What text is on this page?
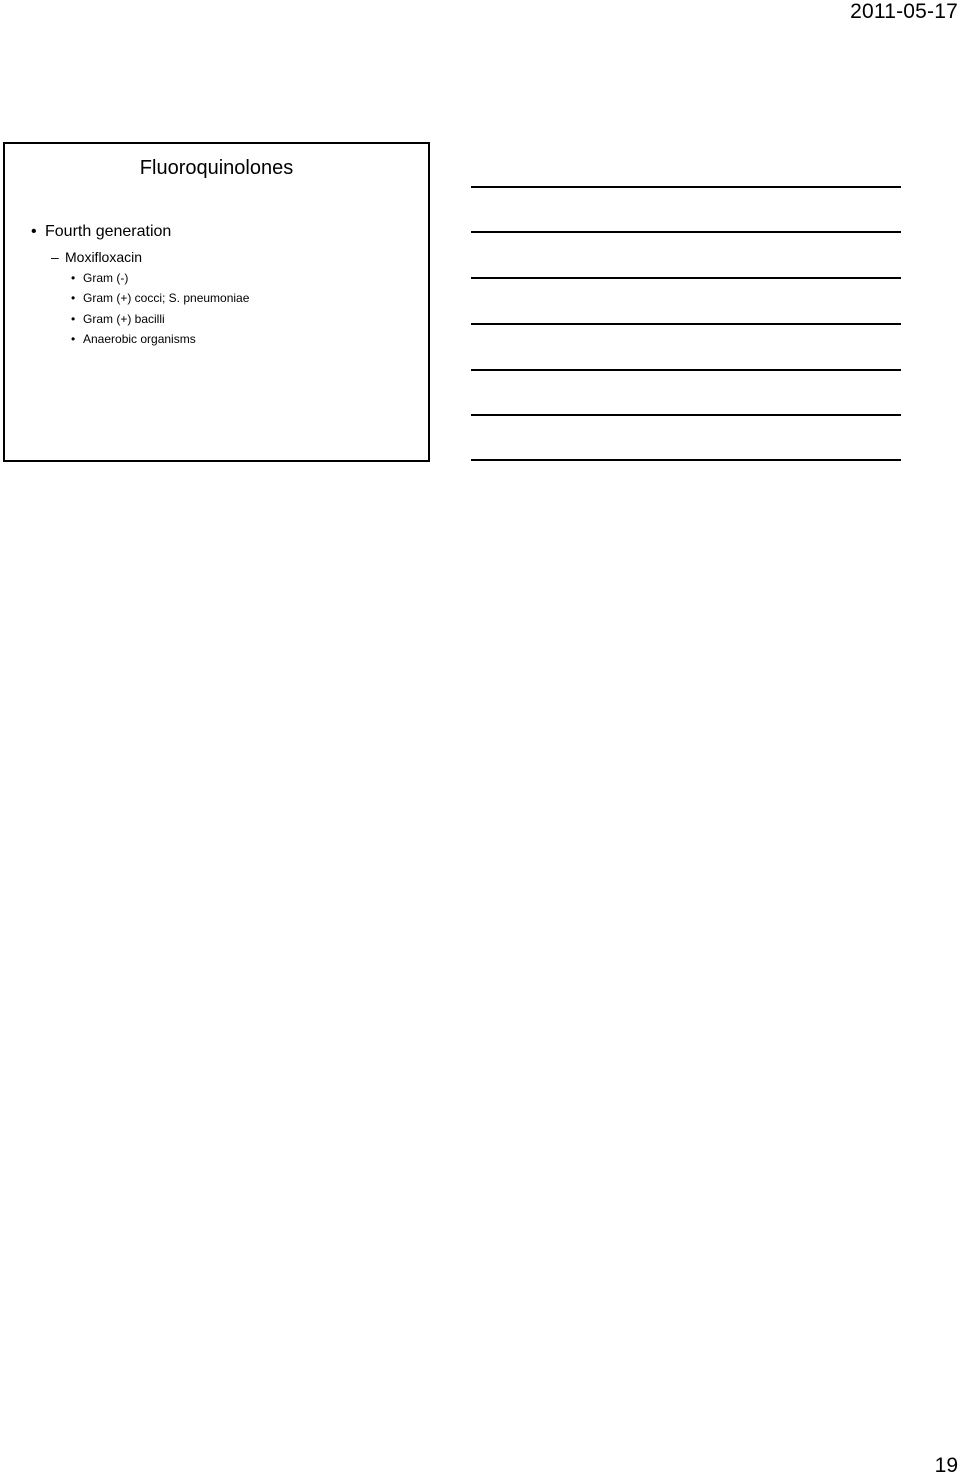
2011-05-17
Fluoroquinolones
• Fourth generation
– Moxifloxacin
• Gram (-)
• Gram (+) cocci; S. pneumoniae
• Gram (+) bacilli
• Anaerobic organisms
19
